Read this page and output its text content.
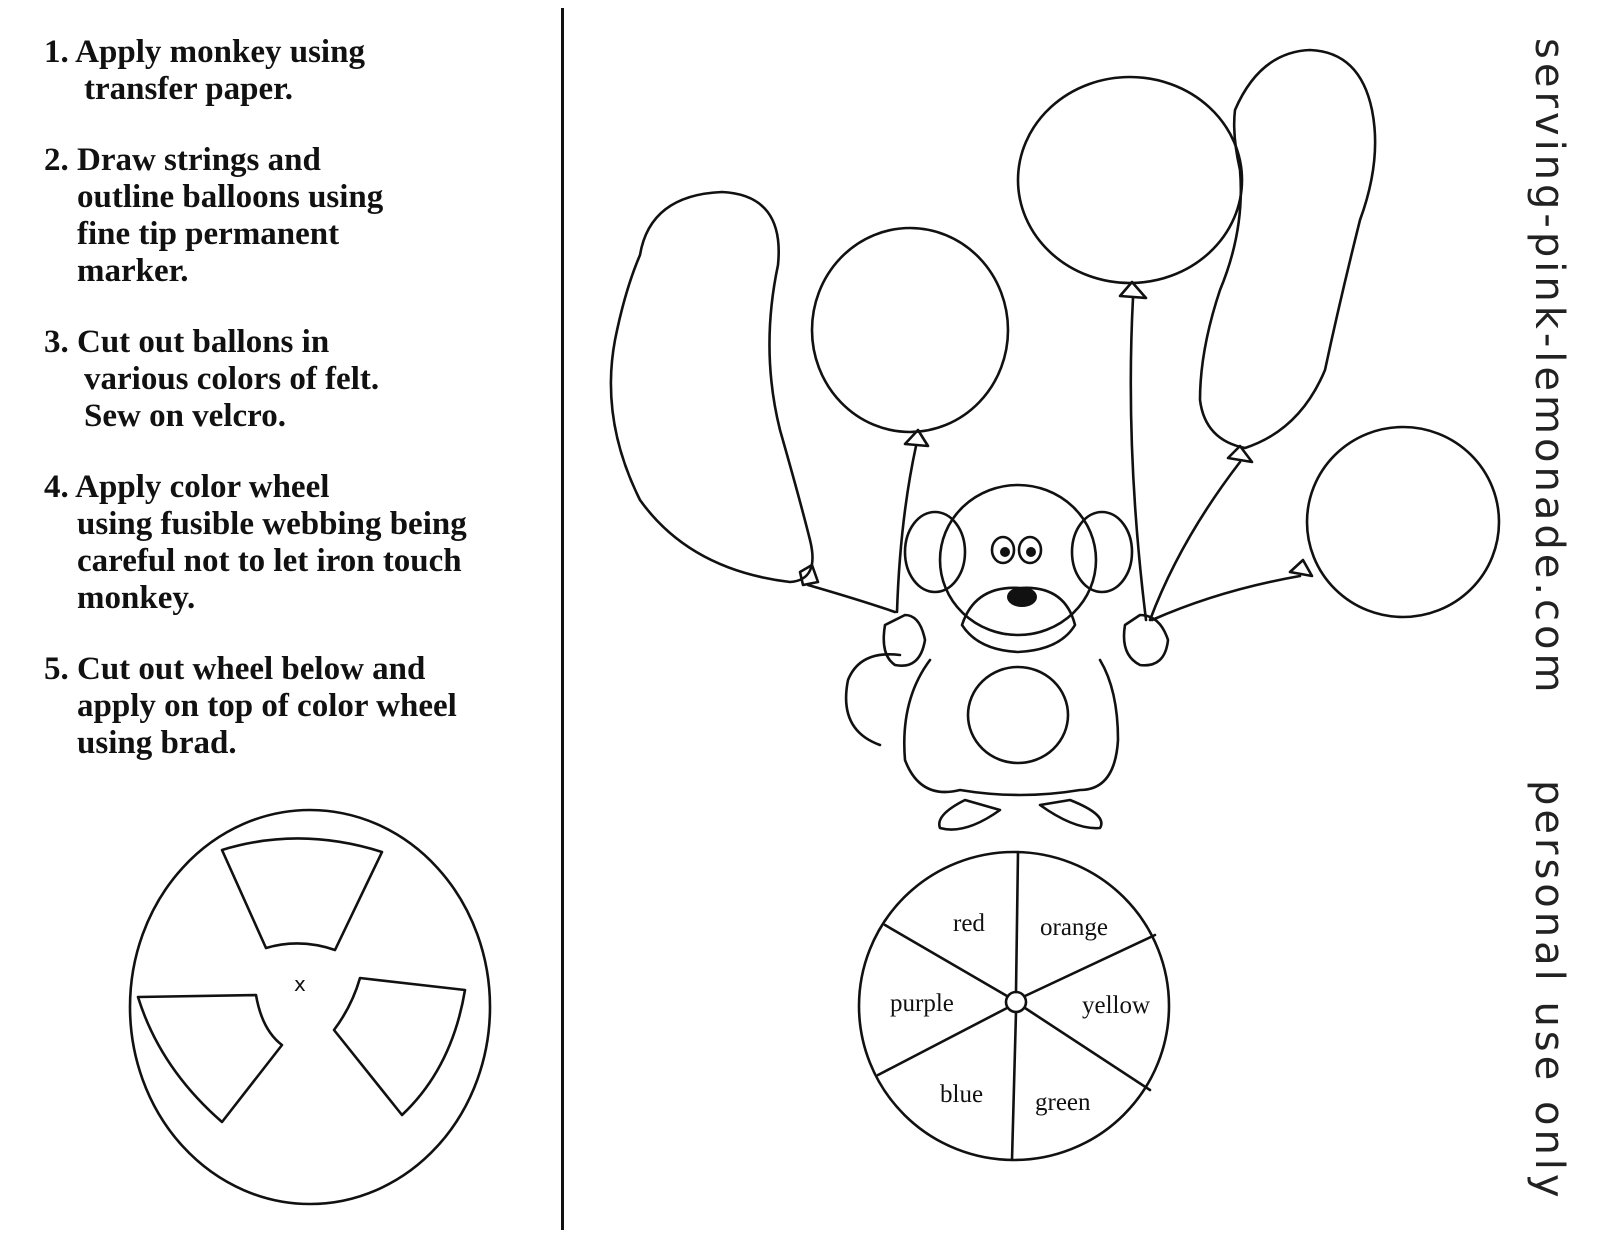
1. Apply monkey using
transfer paper.
2. Draw strings and
outline balloons using
fine tip permanent
marker.
3. Cut out ballons in
various colors of felt.
Sew on velcro.
4. Apply color wheel
using fusible webbing being
careful not to let iron touch
monkey.
5. Cut out wheel below and
apply on top of color wheel
using brad.
x
red orange
yellow
green
blue
purple
serving-pink-lemonade.com
personal use only
